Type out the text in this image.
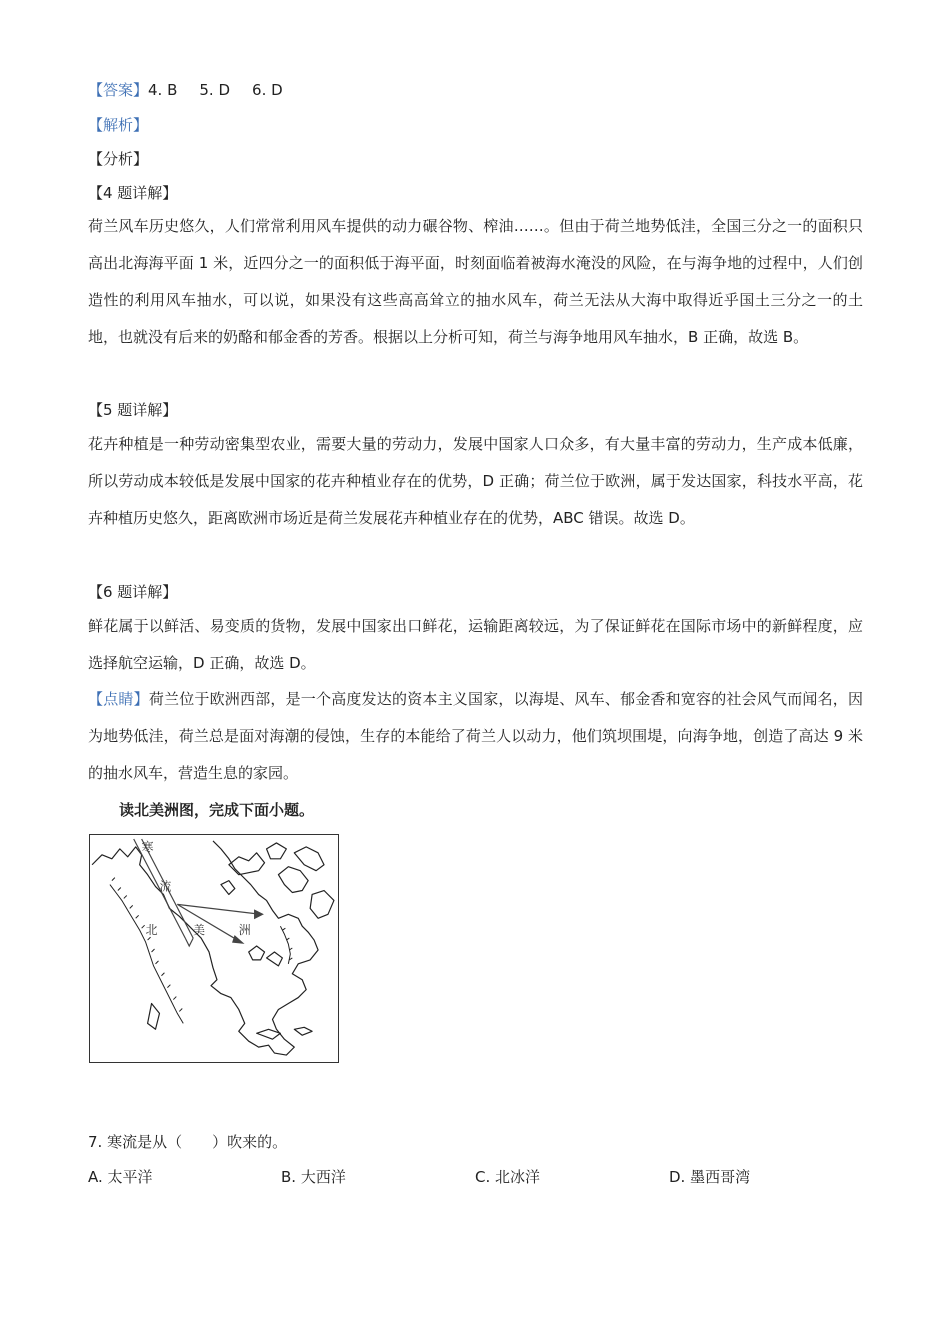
【答案】4. B 5. D 6. D
【解析】
【分析】
【4 题详解】
荷兰风车历史悠久，人们常常利用风车提供的动力碾谷物、榨油……。但由于荷兰地势低洼，全国三分之一的面积只高出北海海平面 1 米，近四分之一的面积低于海平面，时刻面临着被海水淹没的风险，在与海争地的过程中，人们创造性的利用风车抽水，可以说，如果没有这些高高耸立的抽水风车，荷兰无法从大海中取得近乎国土三分之一的土地，也就没有后来的奶酪和郁金香的芳香。根据以上分析可知，荷兰与海争地用风车抽水，B 正确，故选 B。
【5 题详解】
花卉种植是一种劳动密集型农业，需要大量的劳动力，发展中国家人口众多，有大量丰富的劳动力，生产成本低廉，所以劳动成本较低是发展中国家的花卉种植业存在的优势，D 正确；荷兰位于欧洲，属于发达国家，科技水平高，花卉种植历史悠久，距离欧洲市场近是荷兰发展花卉种植业存在的优势，ABC 错误。故选 D。
【6 题详解】
鲜花属于以鲜活、易变质的货物，发展中国家出口鲜花，运输距离较远，为了保证鲜花在国际市场中的新鲜程度，应选择航空运输，D 正确，故选 D。
【点睛】荷兰位于欧洲西部，是一个高度发达的资本主义国家，以海堤、风车、郁金香和宽容的社会风气而闻名，因为地势低洼，荷兰总是面对海潮的侵蚀，生存的本能给了荷兰人以动力，他们筑坝围堤，向海争地，创造了高达 9 米的抽水风车，营造生息的家园。
读北美洲图，完成下面小题。
寒
流
北	美	洲
7. 寒流是从（　　）吹来的。
A. 太平洋	B. 大西洋	C. 北冰洋	D. 墨西哥湾
